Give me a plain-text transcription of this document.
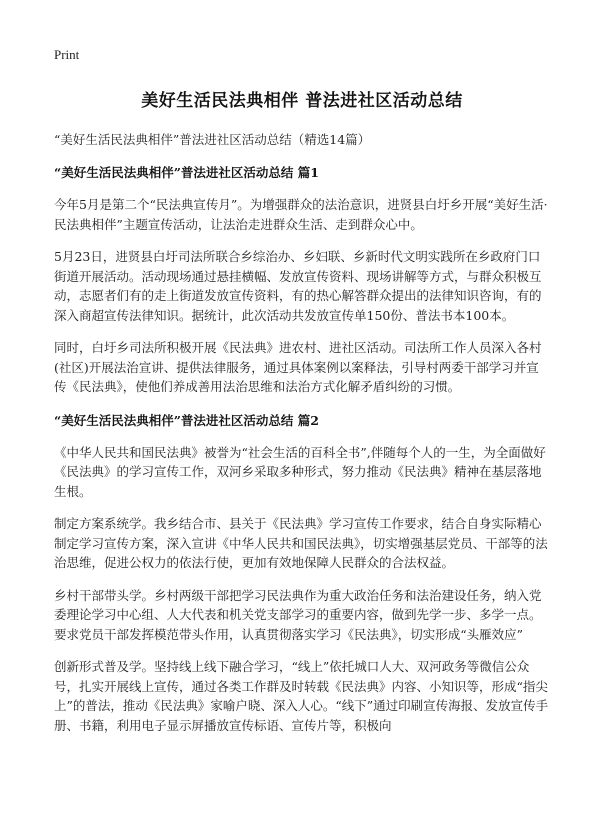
Print
美好生活民法典相伴 普法进社区活动总结

“美好生活民法典相伴”普法进社区活动总结（精选14篇）

“美好生活民法典相伴”普法进社区活动总结 篇1

今年5月是第二个“民法典宣传月”。为增强群众的法治意识，进贤县白圩乡开展“美好生活·民法典相伴”主题宣传活动，让法治走进群众生活、走到群众心中。

5月23日，进贤县白圩司法所联合乡综治办、乡妇联、乡新时代文明实践所在乡政府门口街道开展活动。活动现场通过悬挂横幅、发放宣传资料、现场讲解等方式，与群众积极互动，志愿者们有的走上街道发放宣传资料，有的热心解答群众提出的法律知识咨询，有的深入商超宣传法律知识。据统计，此次活动共发放宣传单150份、普法书本100本。

同时，白圩乡司法所积极开展《民法典》进农村、进社区活动。司法所工作人员深入各村(社区)开展法治宣讲、提供法律服务，通过具体案例以案释法，引导村两委干部学习并宣传《民法典》，使他们养成善用法治思维和法治方式化解矛盾纠纷的习惯。

“美好生活民法典相伴”普法进社区活动总结 篇2

《中华人民共和国民法典》被誉为“社会生活的百科全书”,伴随每个人的一生，为全面做好《民法典》的学习宣传工作，双河乡采取多种形式，努力推动《民法典》精神在基层落地生根。

制定方案系统学。我乡结合市、县关于《民法典》学习宣传工作要求，结合自身实际精心制定学习宣传方案，深入宣讲《中华人民共和国民法典》，切实增强基层党员、干部等的法治思维，促进公权力的依法行使，更加有效地保障人民群众的合法权益。

乡村干部带头学。乡村两级干部把学习民法典作为重大政治任务和法治建设任务，纳入党委理论学习中心组、人大代表和机关党支部学习的重要内容，做到先学一步、多学一点。要求党员干部发挥模范带头作用，认真贯彻落实学习《民法典》，切实形成“头雁效应”

创新形式普及学。坚持线上线下融合学习，“线上”依托城口人大、双河政务等微信公众号，扎实开展线上宣传，通过各类工作群及时转载《民法典》内容、小知识等，形成“指尖上”的普法，推动《民法典》家喻户晓、深入人心。“线下”通过印刷宣传海报、发放宣传手册、书籍，利用电子显示屏播放宣传标语、宣传片等，积极向
